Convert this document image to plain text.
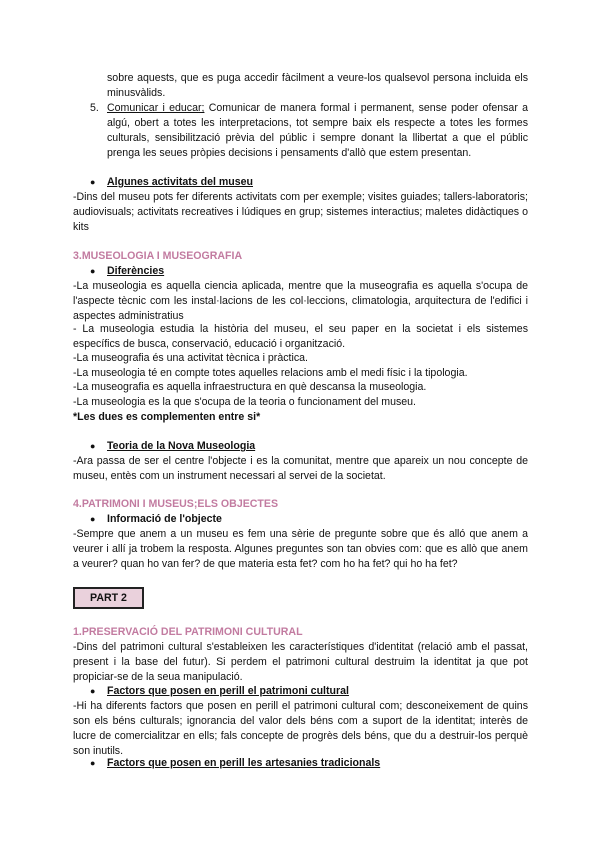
sobre aquests, que es puga accedir fàcilment a veure-los qualsevol persona incluida els minusvàlids.
5. Comunicar i educar; Comunicar de manera formal i permanent, sense poder ofensar a algú, obert a totes les interpretacions, tot sempre baix els respecte a totes les formes culturals, sensibilització prèvia del públic i sempre donant la llibertat a que el públic prenga les seues pròpies decisions i pensaments d'allò que estem presentan.
● Algunes activitats del museu
-Dins del museu pots fer diferents activitats com per exemple; visites guiades; tallers-laboratoris; audiovisuals; activitats recreatives i lúdiques en grup; sistemes interactius; maletes didàctiques o kits
3.MUSEOLOGIA I MUSEOGRAFIA
● Diferències
-La museologia es aquella ciencia aplicada, mentre que la museografia es aquella s'ocupa de l'aspecte tècnic com les instal·lacions de les col·leccions, climatologia, arquitectura de l'edifici i aspectes administratius
- La museologia estudia la història del museu, el seu paper en la societat i els sistemes específics de busca, conservació, educació i organització.
-La museografia és una activitat tècnica i pràctica.
-La museologia té en compte totes aquelles relacions amb el medi físic i la tipologia.
-La museografia es aquella infraestructura en què descansa la museologia.
-La museologia es la que s'ocupa de la teoria o funcionament del museu.
*Les dues es complementen entre si*
● Teoria de la Nova Museologia
-Ara passa de ser el centre l'objecte i es la comunitat, mentre que apareix un nou concepte de museu, entès com un instrument necessari al servei de la societat.
4.PATRIMONI I MUSEUS;ELS OBJECTES
● Informació de l'objecte
-Sempre que anem a un museu es fem una sèrie de pregunte sobre que és alló que anem a veurer i allí ja trobem la resposta. Algunes preguntes son tan obvies com: que es allò que anem a veurer? quan ho van fer? de que materia esta fet? com ho ha fet? qui ho ha fet?
PART 2
1.PRESERVACIÓ DEL PATRIMONI CULTURAL
-Dins del patrimoni cultural s'estableixen les característiques d'identitat (relació amb el passat, present i la base del futur). Si perdem el patrimoni cultural destruim la identitat ja que pot propiciar-se de la seua manipulació.
● Factors que posen en perill el patrimoni cultural
-Hi ha diferents factors que posen en perill el patrimoni cultural com; desconeixement de quins son els béns culturals; ignorancia del valor dels béns com a suport de la identitat; interès de lucre de comercialitzar en ells; fals concepte de progrès dels béns, que du a destruir-los perquè son inutils.
● Factors que posen en perill les artesanies tradicionals
